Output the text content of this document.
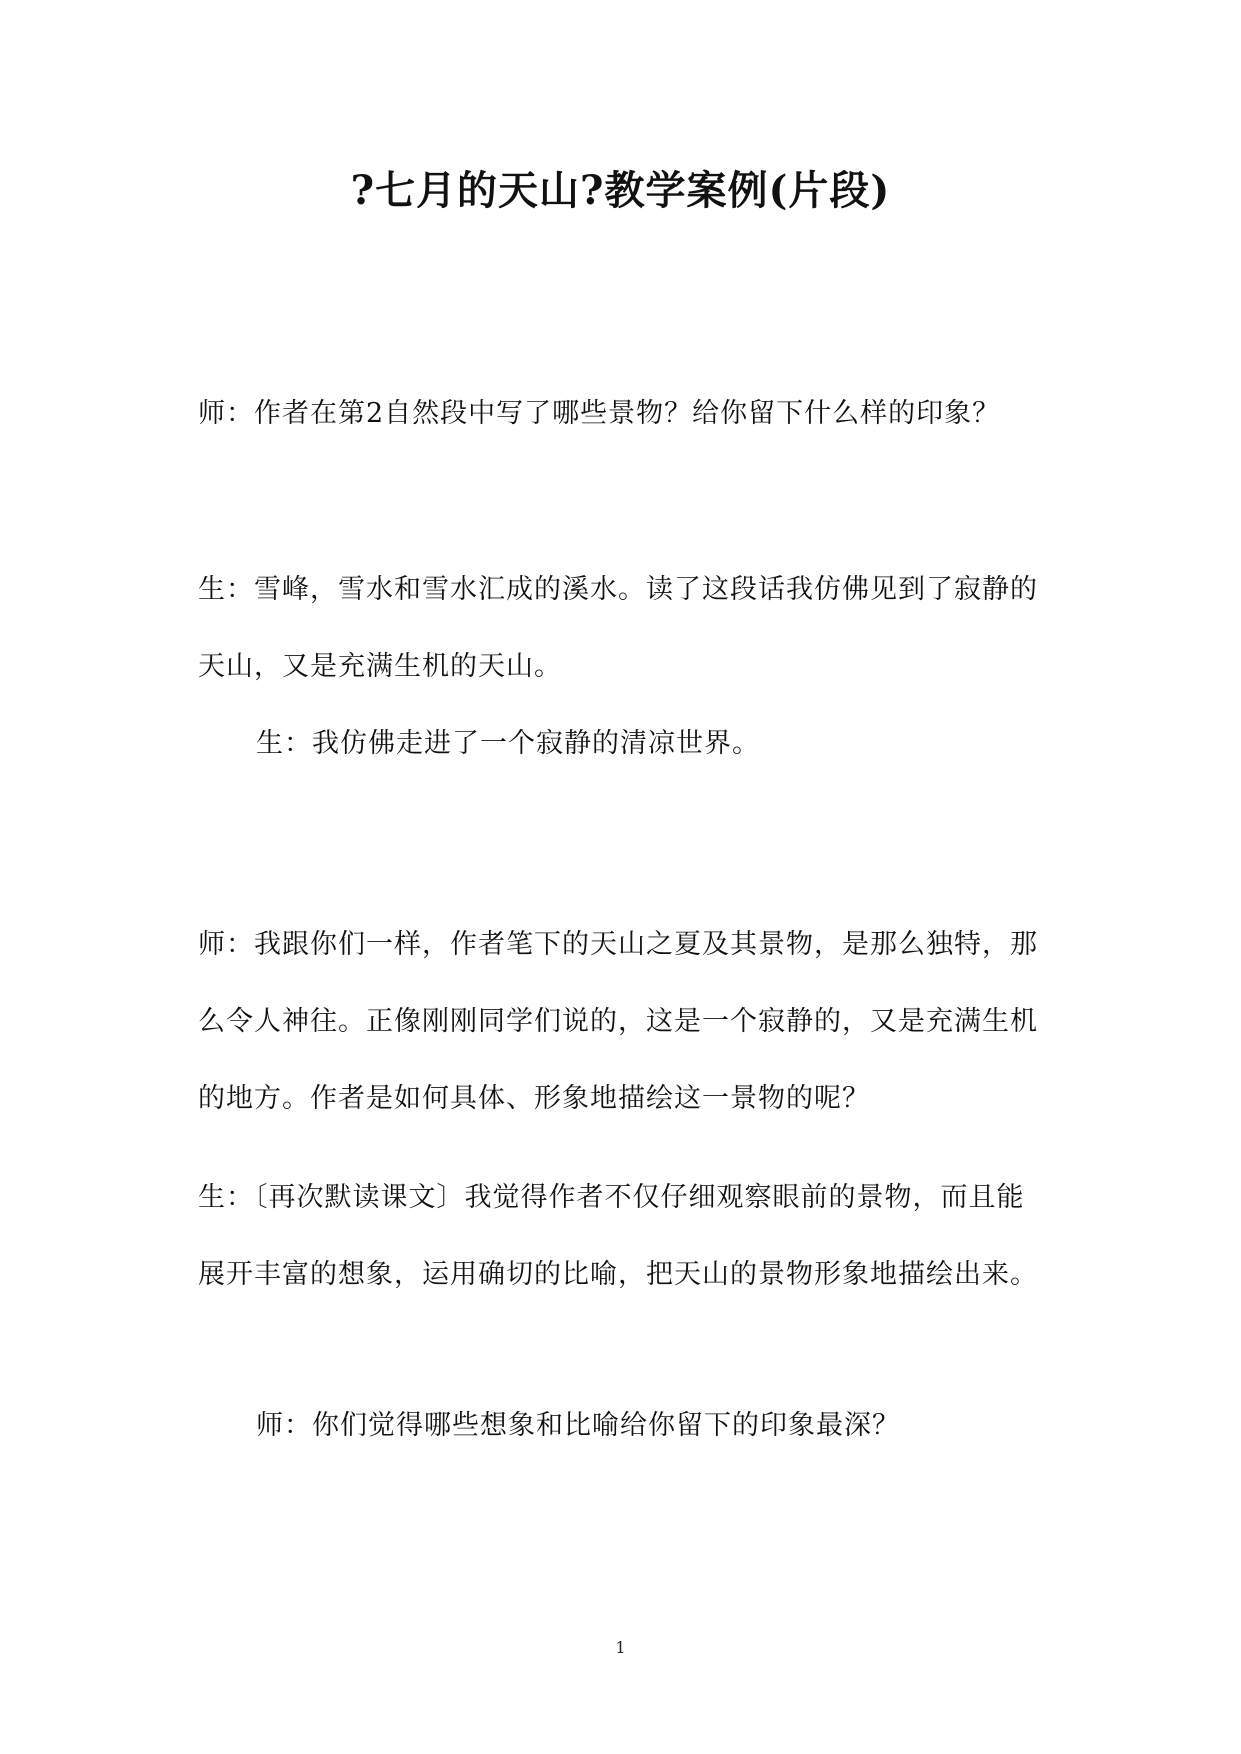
?七月的天山?教学案例(片段)

师：作者在第2自然段中写了哪些景物？给你留下什么样的印象？

生：雪峰，雪水和雪水汇成的溪水。读了这段话我仿佛见到了寂静的天山，又是充满生机的天山。

生：我仿佛走进了一个寂静的清凉世界。

师：我跟你们一样，作者笔下的天山之夏及其景物，是那么独特，那么令人神往。正像刚刚同学们说的，这是一个寂静的，又是充满生机的地方。作者是如何具体、形象地描绘这一景物的呢？

生：〔再次默读课文〕我觉得作者不仅仔细观察眼前的景物，而且能展开丰富的想象，运用确切的比喻，把天山的景物形象地描绘出来。

师：你们觉得哪些想象和比喻给你留下的印象最深？

1
